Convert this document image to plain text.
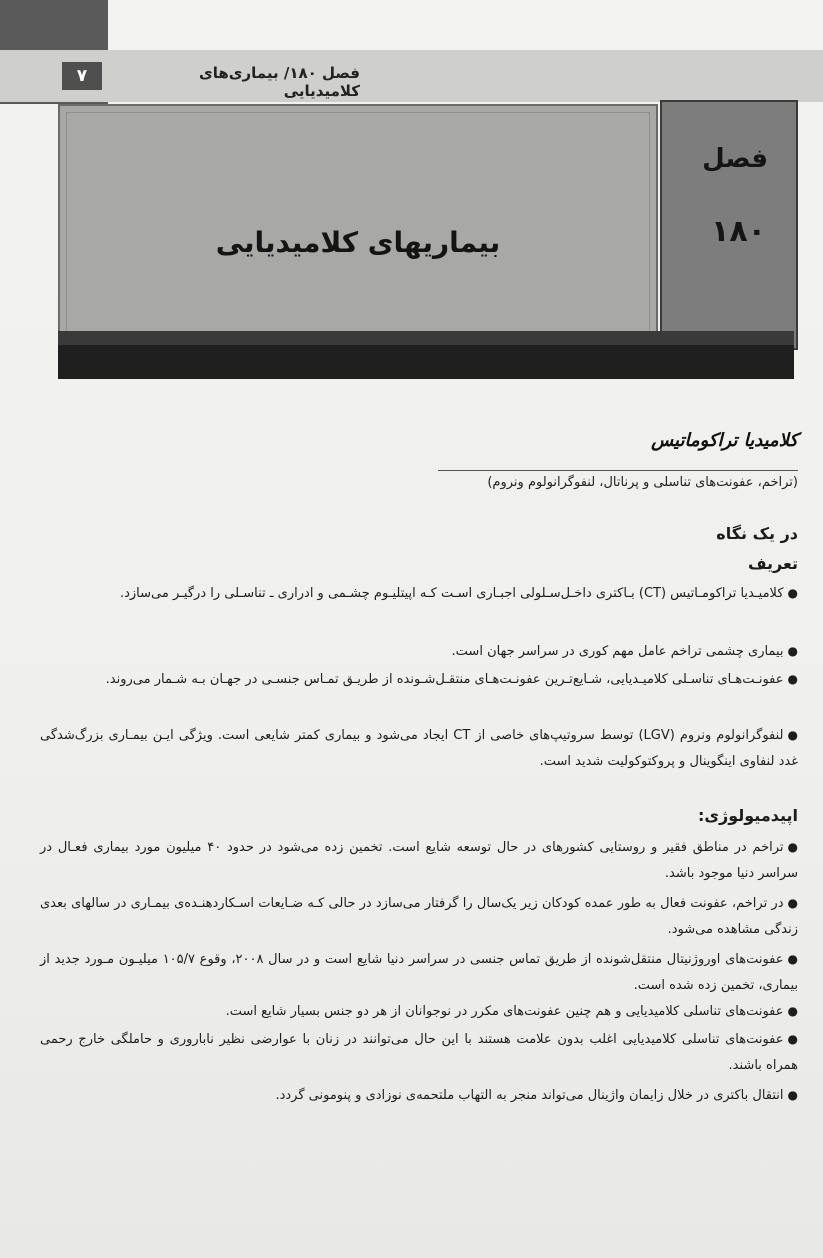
۷	فصل ۱۸۰/ بیماری‌های کلامیدیایی
بیماریهای کلامیدیایی
فصل
۱۸۰
کلامیدیا تراکوماتیس
(تراخم، عفونت‌های تناسلی و پرناتال، لنفوگرانولوم ونروم)
در یک نگاه
تعریف
●کلامیـدیا تراکومـاتیس (CT) بـاکتری داخـل‌سـلولی اجبـاری اسـت کـه اپیتلیـوم چشـمی و ادراری ـ تناسـلی را درگیـر می‌سازد.
●بیماری چشمی تراخم عامل مهم کوری در سراسر جهان است.
●عفونـت‌هـای تناسـلی کلامیـدیایی، شـایع‌تـرین عفونـت‌هـای منتقـل‌شـونده از طریـق تمـاس جنسـی در جهـان بـه شـمار می‌روند.
●لنفوگرانولوم ونروم (LGV) توسط سروتیپ‌های خاصی از CT ایجاد می‌شود و بیماری کمتر شایعی است. ویژگی ایـن بیمـاری بزرگ‌شدگی غدد لنفاوی اینگوینال و پروکتوکولیت شدید است.
اپیدمیولوژی:
●تراخم در مناطق فقیر و روستایی کشورهای در حال توسعه شایع است. تخمین زده می‌شود در حدود ۴۰ میلیون مورد بیماری فعـال در سراسر دنیا موجود باشد.
●در تراخم، عفونت فعال به طور عمده کودکان زیر یک‌سال را گرفتار می‌سازد در حالی کـه ضـایعات اسـکاردهنـده‌ی بیمـاری در سالهای بعدی زندگی مشاهده می‌شود.
●عفونت‌های اوروژنیتال منتقل‌شونده از طریق تماس جنسی در سراسر دنیا شایع است و در سال ۲۰۰۸، وقوع ۱۰۵/۷ میلیـون مـورد جدید از بیماری، تخمین زده شده است.
●عفونت‌های تناسلی کلامیدیایی و هم چنین عفونت‌های مکرر در نوجوانان از هر دو جنس بسیار شایع است.
●عفونت‌های تناسلی کلامیدیایی اغلب بدون علامت هستند با این حال می‌توانند در زنان با عوارضی نظیر ناباروری و حاملگی خارج رحمی همراه باشند.
●انتقال باکتری در خلال زایمان واژینال می‌تواند منجر به التهاب ملتحمه‌ی نوزادی و پنومونی گردد.
